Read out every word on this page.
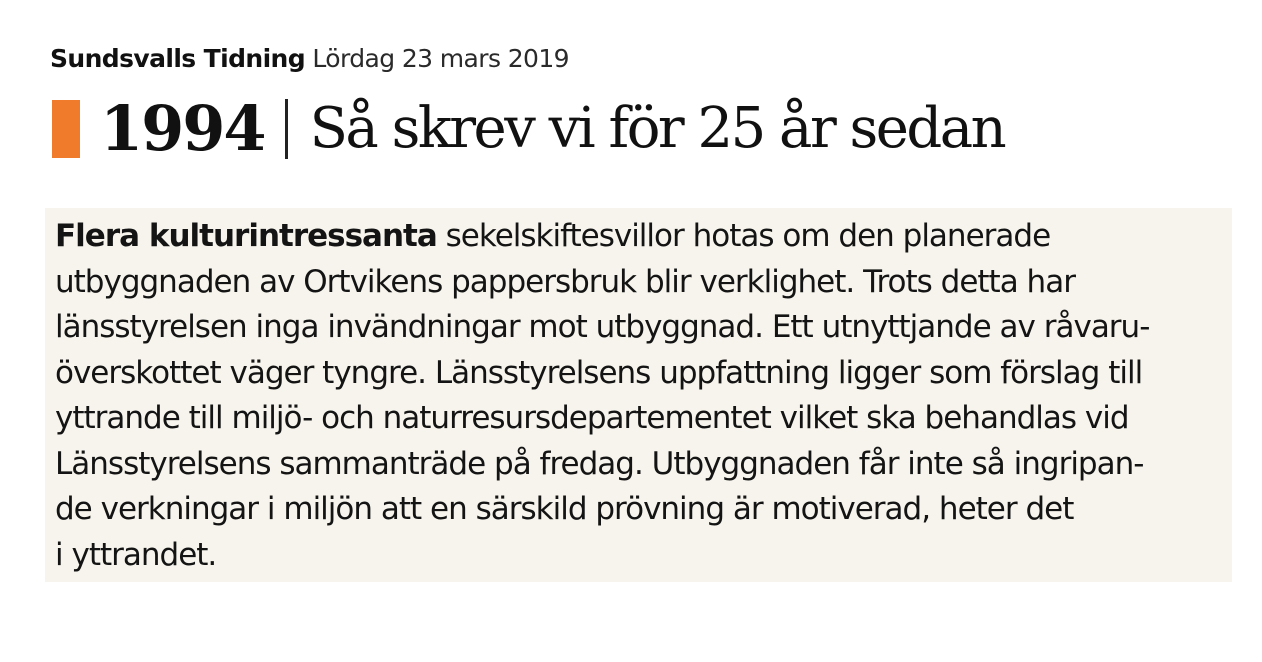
Sundsvalls Tidning Lördag 23 mars 2019
1994 Så skrev vi för 25 år sedan
Flera kulturintressanta sekelskiftesvillor hotas om den planerade
utbyggnaden av Ortvikens pappersbruk blir verklighet. Trots detta har
länsstyrelsen inga invändningar mot utbyggnad. Ett utnyttjande av råvaru-
överskottet väger tyngre. Länsstyrelsens uppfattning ligger som förslag till
yttrande till miljö- och naturresursdepartementet vilket ska behandlas vid
Länsstyrelsens sammanträde på fredag. Utbyggnaden får inte så ingripan-
de verkningar i miljön att en särskild prövning är motiverad, heter det
i yttrandet.
